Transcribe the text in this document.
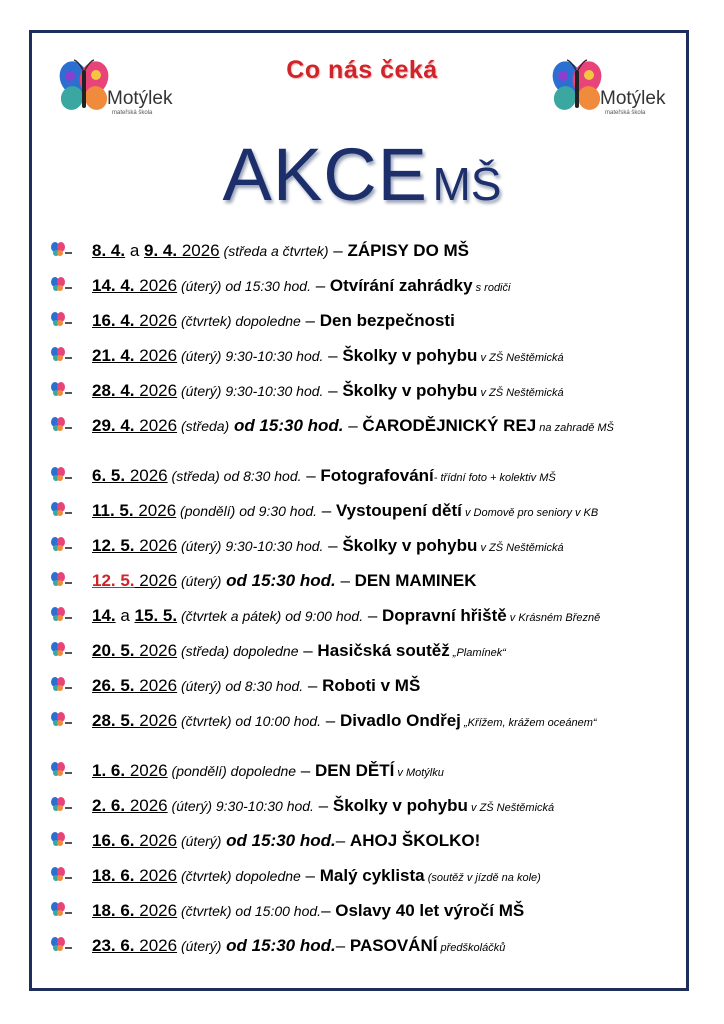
Motýlek
mateřská škola
Motýlek
mateřská škola
Co nás čeká
AKCE MŠ
8. 4. a 9. 4. 2026 (středa a čtvrtek) – ZÁPISY DO MŠ
14. 4. 2026 (úterý) od 15:30 hod. – Otvírání zahrádky s rodiči
16. 4. 2026 (čtvrtek) dopoledne – Den bezpečnosti
21. 4. 2026 (úterý) 9:30-10:30 hod. – Školky v pohybu v ZŠ Neštěmická
28. 4. 2026 (úterý) 9:30-10:30 hod. – Školky v pohybu v ZŠ Neštěmická
29. 4. 2026 (středa) od 15:30 hod. – ČARODĚJNICKÝ REJ na zahradě MŠ
6. 5. 2026 (středa) od 8:30 hod. – Fotografování- třídní foto + kolektiv MŠ
11. 5. 2026 (pondělí) od 9:30 hod. – Vystoupení dětí v Domově pro seniory v KB
12. 5. 2026 (úterý) 9:30-10:30 hod. – Školky v pohybu v ZŠ Neštěmická
12. 5. 2026 (úterý) od 15:30 hod. – DEN MAMINEK
14. a 15. 5. (čtvrtek a pátek) od 9:00 hod. – Dopravní hřiště v Krásném Březně
20. 5. 2026 (středa) dopoledne – Hasičská soutěž „Plamínek“
26. 5. 2026 (úterý) od 8:30 hod. – Roboti v MŠ
28. 5. 2026 (čtvrtek) od 10:00 hod. – Divadlo Ondřej „Křížem, krážem oceánem“
1. 6. 2026 (pondělí) dopoledne – DEN DĚTÍ v Motýlku
2. 6. 2026 (úterý) 9:30-10:30 hod. – Školky v pohybu v ZŠ Neštěmická
16. 6. 2026 (úterý) od 15:30 hod.– AHOJ ŠKOLKO!
18. 6. 2026 (čtvrtek) dopoledne – Malý cyklista (soutěž v jízdě na kole)
18. 6. 2026 (čtvrtek) od 15:00 hod.– Oslavy 40 let výročí MŠ
23. 6. 2026 (úterý) od 15:30 hod.– PASOVÁNÍ předškoláčků
